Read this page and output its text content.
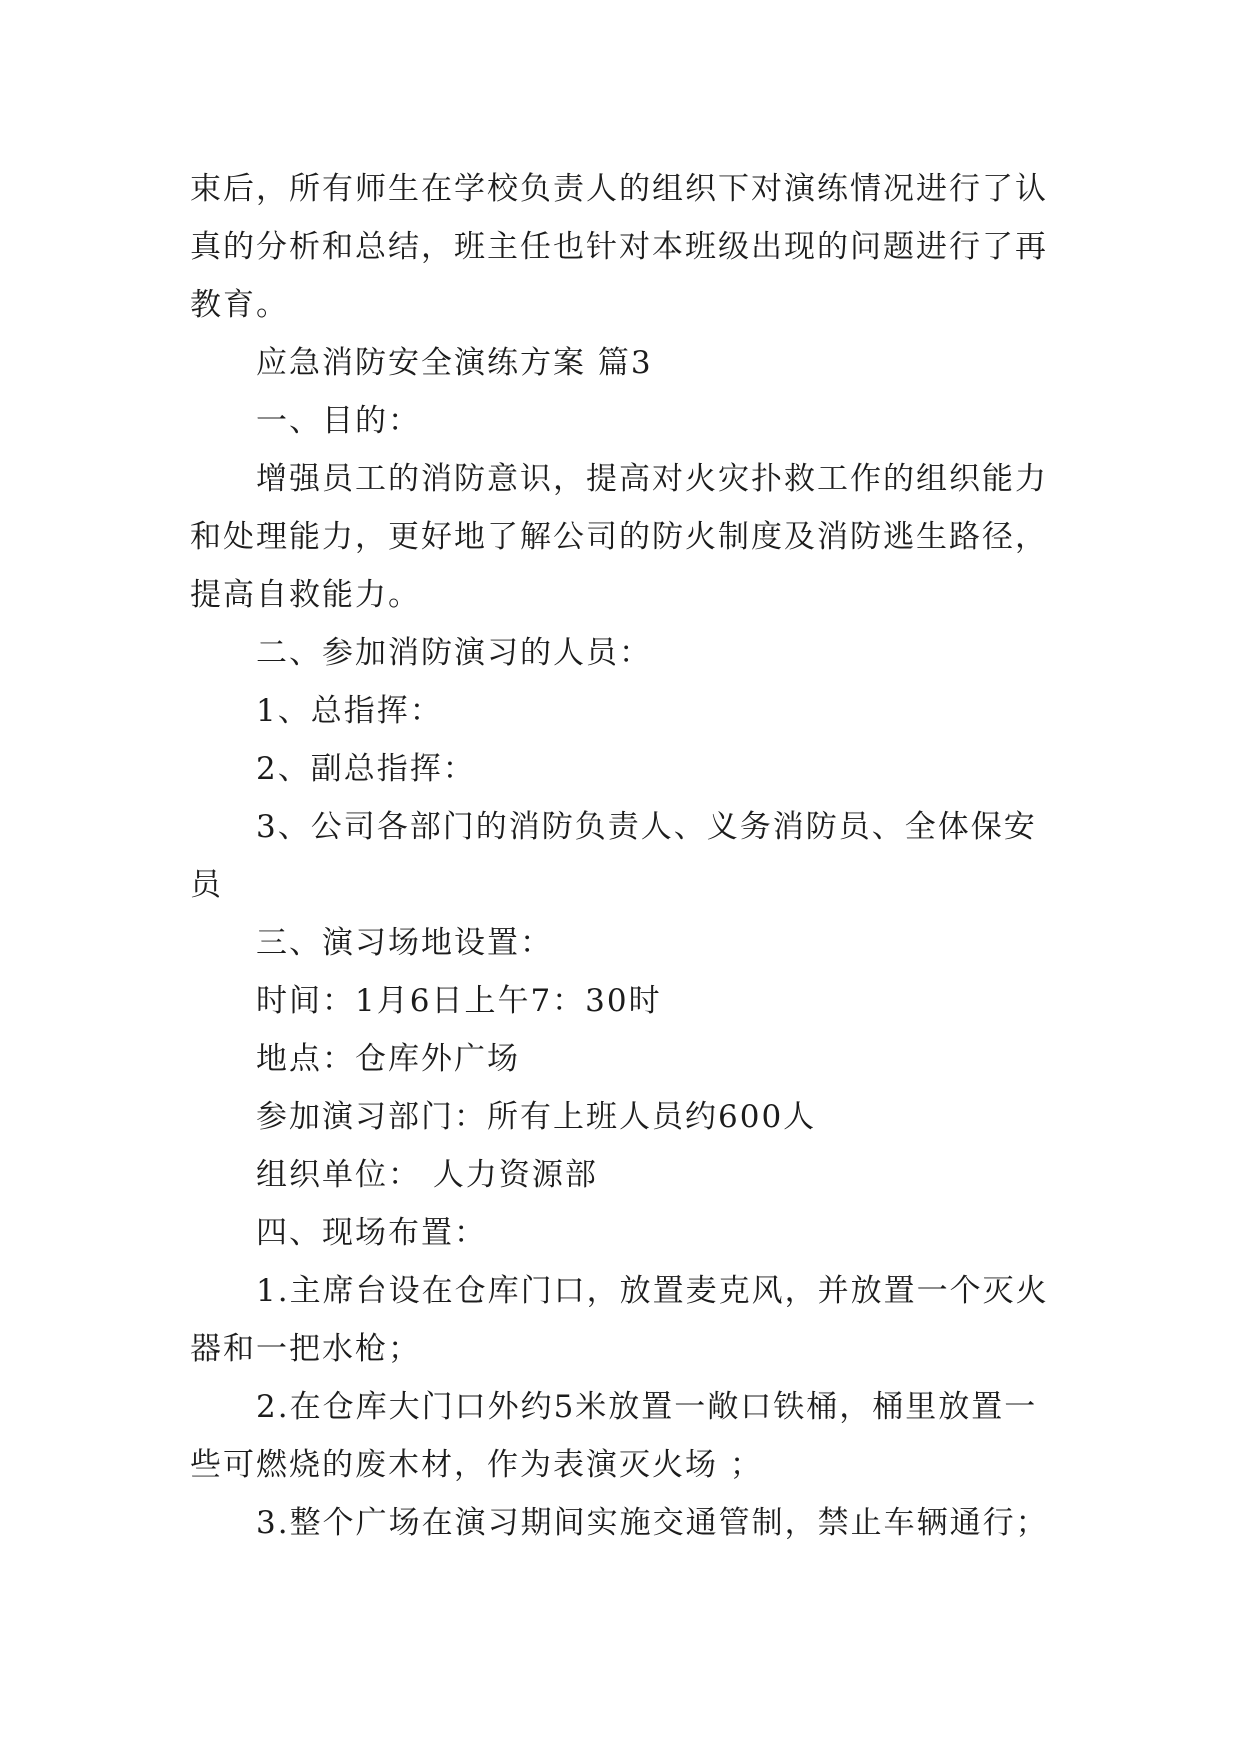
束后，所有师生在学校负责人的组织下对演练情况进行了认真的分析和总结，班主任也针对本班级出现的问题进行了再教育。

应急消防安全演练方案 篇3

一、目的：

增强员工的消防意识，提高对火灾扑救工作的组织能力和处理能力，更好地了解公司的防火制度及消防逃生路径，提高自救能力。

二、参加消防演习的人员：

1、总指挥：

2、副总指挥：

3、公司各部门的消防负责人、义务消防员、全体保安员

三、演习场地设置：

时间：1月6日上午7：30时

地点：仓库外广场

参加演习部门：所有上班人员约600人

组织单位： 人力资源部

四、现场布置：

1.主席台设在仓库门口，放置麦克风，并放置一个灭火器和一把水枪；

2.在仓库大门口外约5米放置一敞口铁桶，桶里放置一些可燃烧的废木材，作为表演灭火场 ；

3.整个广场在演习期间实施交通管制，禁止车辆通行；
